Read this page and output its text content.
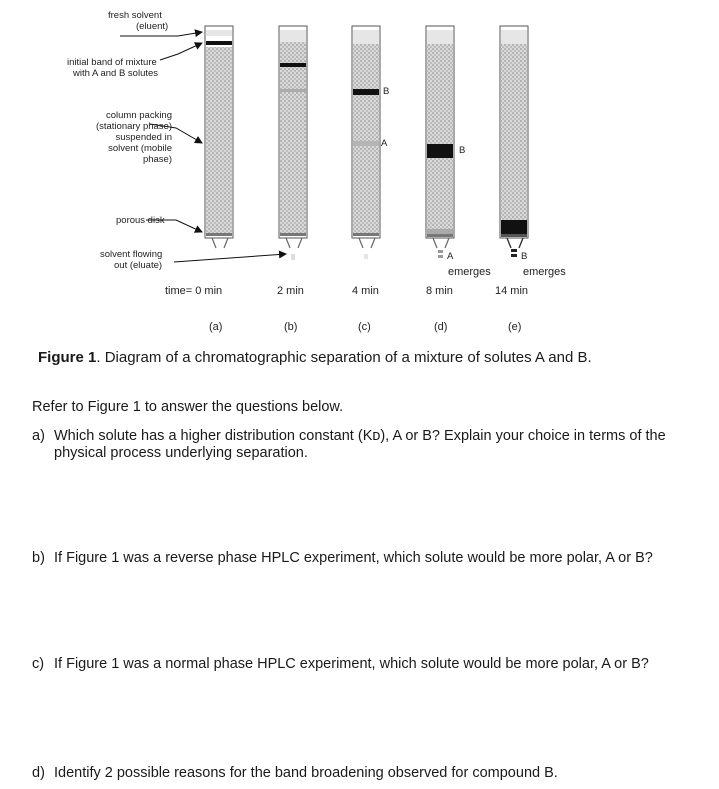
fresh solvent
(eluent)
initial band of mixture
with A and B solutes
column packing
(stationary phase)
suspended in
solvent (mobile
phase)
porous disk
solvent flowing
out (eluate)
B
A
B
A	B
emerges	emerges
time= 0 min	2 min	4 min	8 min	14 min
(a)	(b)	(c)	(d)	(e)
Figure 1. Diagram of a chromatographic separation of a mixture of solutes A and B.
Refer to Figure 1 to answer the questions below.
a) Which solute has a higher distribution constant (Kᴅ), A or B? Explain your choice in terms of the
physical process underlying separation.
b) If Figure 1 was a reverse phase HPLC experiment, which solute would be more polar, A or B?
c) If Figure 1 was a normal phase HPLC experiment, which solute would be more polar, A or B?
d) Identify 2 possible reasons for the band broadening observed for compound B.
